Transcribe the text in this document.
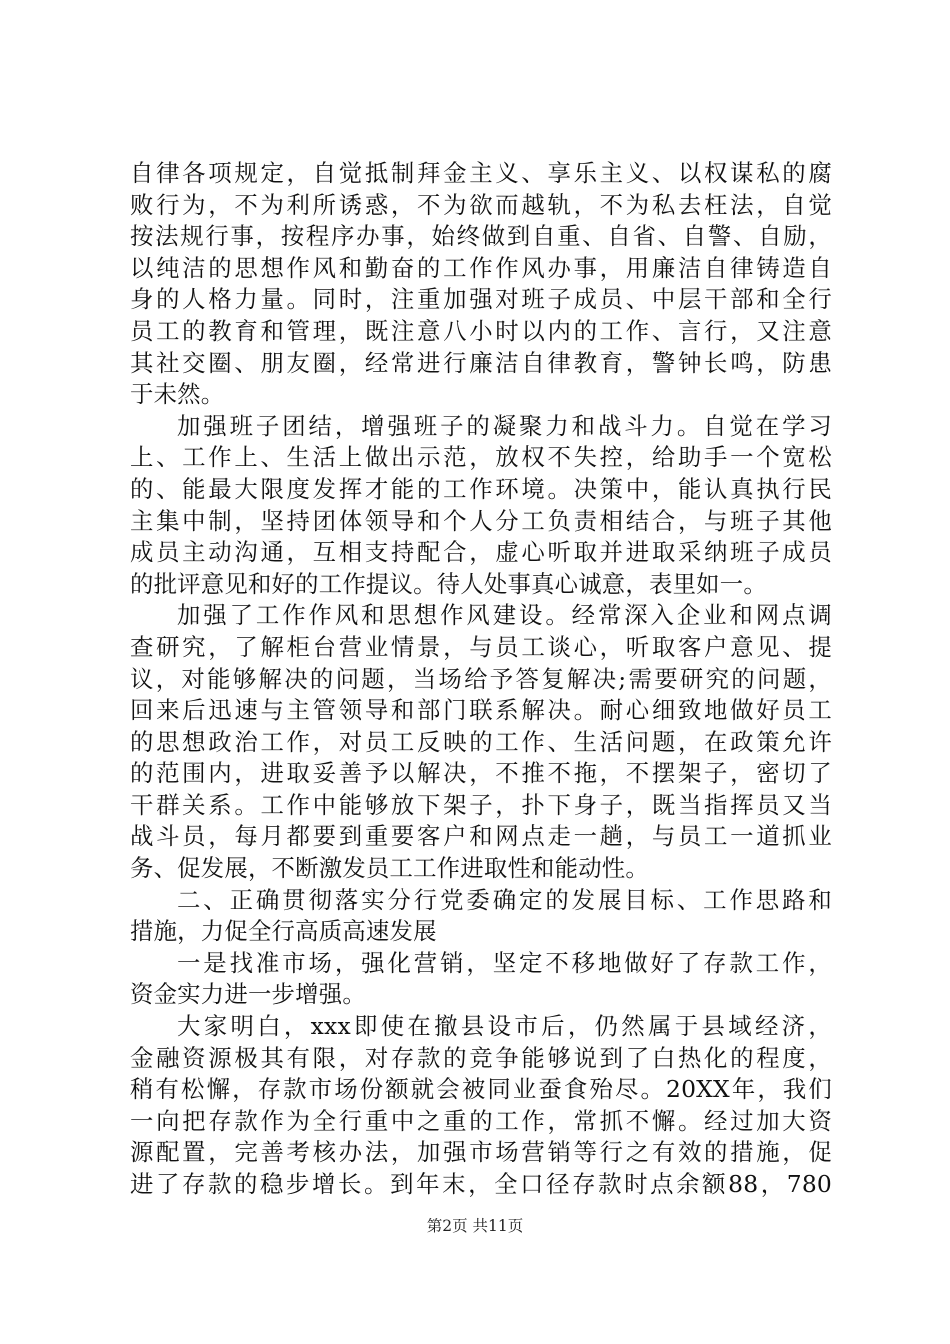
自律各项规定，自觉抵制拜金主义、享乐主义、以权谋私的腐
败行为，不为利所诱惑，不为欲而越轨，不为私去枉法，自觉
按法规行事，按程序办事，始终做到自重、自省、自警、自励，
以纯洁的思想作风和勤奋的工作作风办事，用廉洁自律铸造自
身的人格力量。同时，注重加强对班子成员、中层干部和全行
员工的教育和管理，既注意八小时以内的工作、言行，又注意
其社交圈、朋友圈，经常进行廉洁自律教育，警钟长鸣，防患
于未然。
加强班子团结，增强班子的凝聚力和战斗力。自觉在学习
上、工作上、生活上做出示范，放权不失控，给助手一个宽松
的、能最大限度发挥才能的工作环境。决策中，能认真执行民
主集中制，坚持团体领导和个人分工负责相结合，与班子其他
成员主动沟通，互相支持配合，虚心听取并进取采纳班子成员
的批评意见和好的工作提议。待人处事真心诚意，表里如一。
加强了工作作风和思想作风建设。经常深入企业和网点调
查研究，了解柜台营业情景，与员工谈心，听取客户意见、提
议，对能够解决的问题，当场给予答复解决;需要研究的问题，
回来后迅速与主管领导和部门联系解决。耐心细致地做好员工
的思想政治工作，对员工反映的工作、生活问题，在政策允许
的范围内，进取妥善予以解决，不推不拖，不摆架子，密切了
干群关系。工作中能够放下架子，扑下身子，既当指挥员又当
战斗员，每月都要到重要客户和网点走一趟，与员工一道抓业
务、促发展，不断激发员工工作进取性和能动性。
二、正确贯彻落实分行党委确定的发展目标、工作思路和
措施，力促全行高质高速发展
一是找准市场，强化营销，坚定不移地做好了存款工作，
资金实力进一步增强。
大家明白，xxx即使在撤县设市后，仍然属于县域经济，
金融资源极其有限，对存款的竞争能够说到了白热化的程度，
稍有松懈，存款市场份额就会被同业蚕食殆尽。20XX年，我们
一向把存款作为全行重中之重的工作，常抓不懈。经过加大资
源配置，完善考核办法，加强市场营销等行之有效的措施，促
进了存款的稳步增长。到年末，全口径存款时点余额88，780
第2页 共11页
